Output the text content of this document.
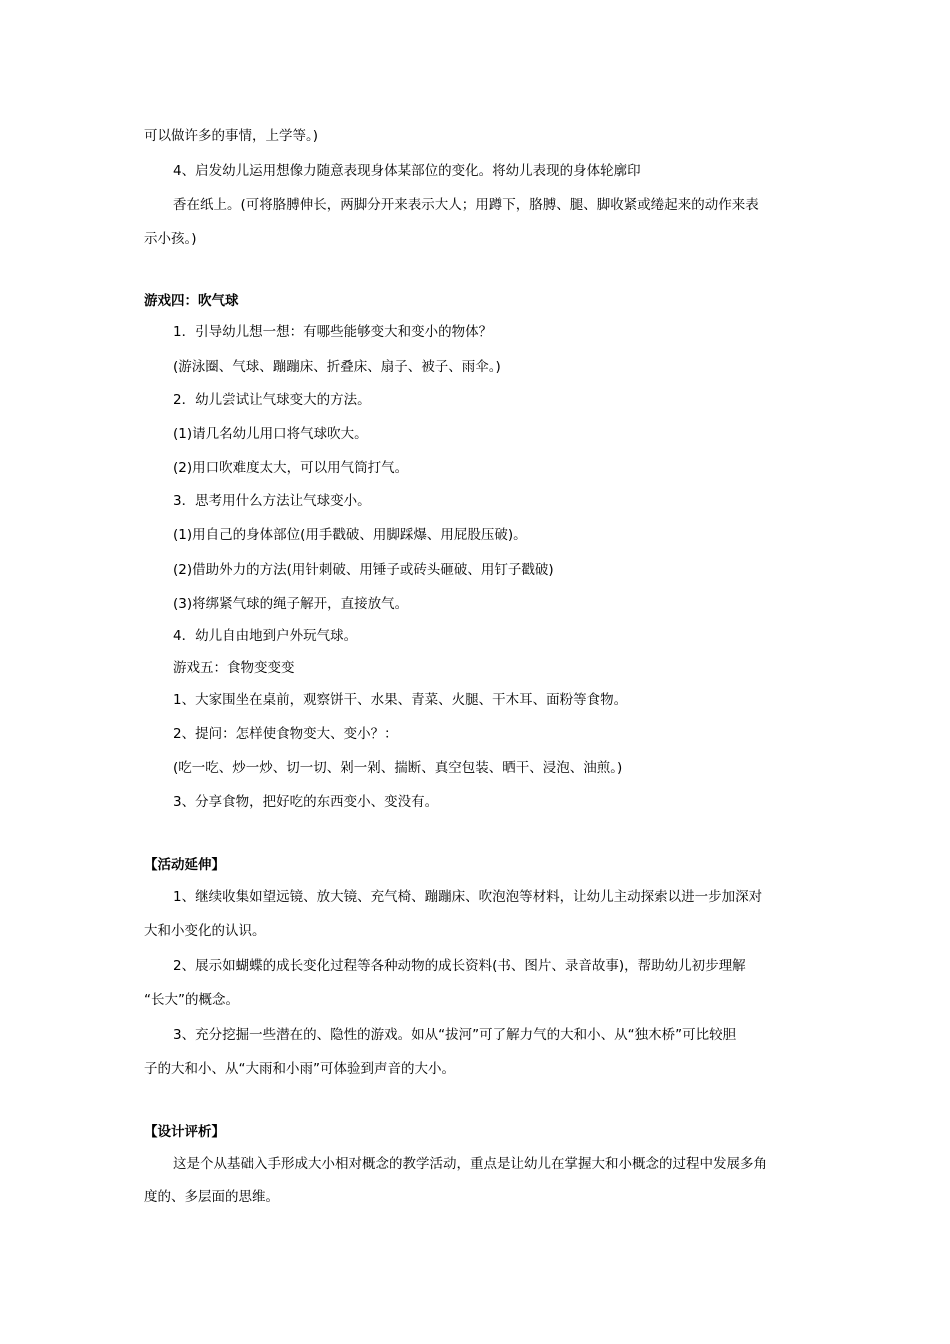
可以做许多的事情，上学等。)
4、启发幼儿运用想像力随意表现身体某部位的变化。将幼儿表现的身体轮廓印
香在纸上。(可将胳膊伸长，两脚分开来表示大人；用蹲下，胳膊、腿、脚收紧或绻起来的动作来表
示小孩。)
游戏四：吹气球
1．引导幼儿想一想：有哪些能够变大和变小的物体？
(游泳圈、气球、蹦蹦床、折叠床、扇子、被子、雨伞。)
2．幼儿尝试让气球变大的方法。
(1)请几名幼儿用口将气球吹大。
(2)用口吹难度太大，可以用气筒打气。
3．思考用什么方法让气球变小。
(1)用自己的身体部位(用手戳破、用脚踩爆、用屁股压破)。
(2)借助外力的方法(用针刺破、用锤子或砖头砸破、用钉子戳破)
(3)将绑紧气球的绳子解开，直接放气。
4．幼儿自由地到户外玩气球。
游戏五：食物变变变
1、大家围坐在桌前，观察饼干、水果、青菜、火腿、干木耳、面粉等食物。
2、提问：怎样使食物变大、变小？：
(吃一吃、炒一炒、切一切、剁一剁、揣断、真空包装、晒干、浸泡、油煎。)
3、分享食物，把好吃的东西变小、变没有。
【活动延伸】
1、继续收集如望远镜、放大镜、充气椅、蹦蹦床、吹泡泡等材料，让幼儿主动探索以进一步加深对
大和小变化的认识。
2、展示如蝴蝶的成长变化过程等各种动物的成长资料(书、图片、录音故事)，帮助幼儿初步理解
“长大”的概念。
3、充分挖掘一些潜在的、隐性的游戏。如从“拔河”可了解力气的大和小、从“独木桥”可比较胆
子的大和小、从“大雨和小雨”可体验到声音的大小。
【设计评析】
这是个从基础入手形成大小相对概念的教学活动，重点是让幼儿在掌握大和小概念的过程中发展多角
度的、多层面的思维。
